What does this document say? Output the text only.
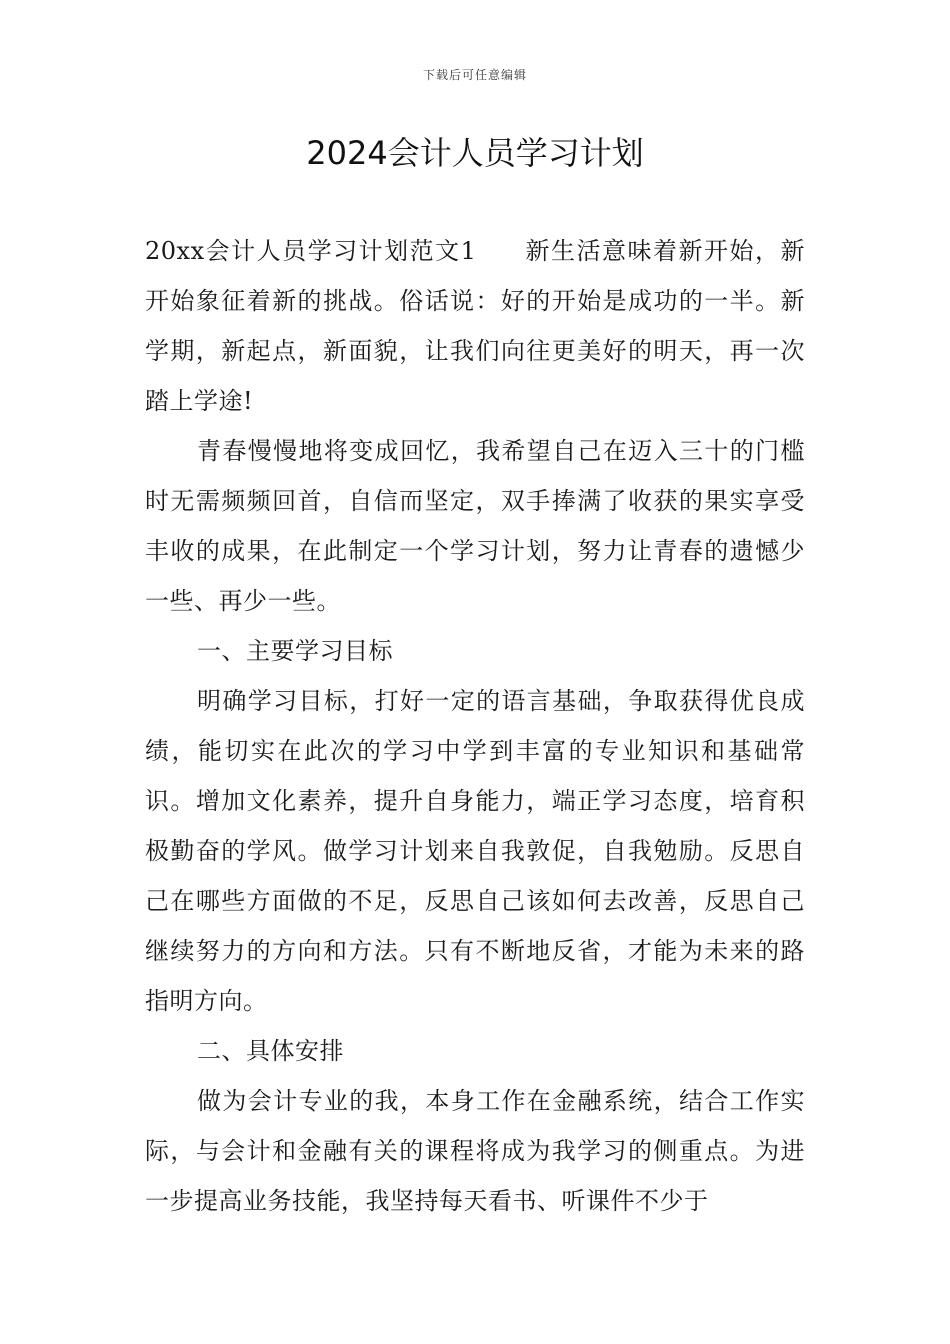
下载后可任意编辑
2024会计人员学习计划

20xx会计人员学习计划范文1 新生活意味着新开始，新开始象征着新的挑战。俗话说：好的开始是成功的一半。新学期，新起点，新面貌，让我们向往更美好的明天，再一次踏上学途!

青春慢慢地将变成回忆，我希望自己在迈入三十的门槛时无需频频回首，自信而坚定，双手捧满了收获的果实享受丰收的成果，在此制定一个学习计划，努力让青春的遗憾少一些、再少一些。

一、主要学习目标

明确学习目标，打好一定的语言基础，争取获得优良成绩，能切实在此次的学习中学到丰富的专业知识和基础常识。增加文化素养，提升自身能力，端正学习态度，培育积极勤奋的学风。做学习计划来自我敦促，自我勉励。反思自己在哪些方面做的不足，反思自己该如何去改善，反思自己继续努力的方向和方法。只有不断地反省，才能为未来的路指明方向。

二、具体安排

做为会计专业的我，本身工作在金融系统，结合工作实际，与会计和金融有关的课程将成为我学习的侧重点。为进一步提高业务技能，我坚持每天看书、听课件不少于
